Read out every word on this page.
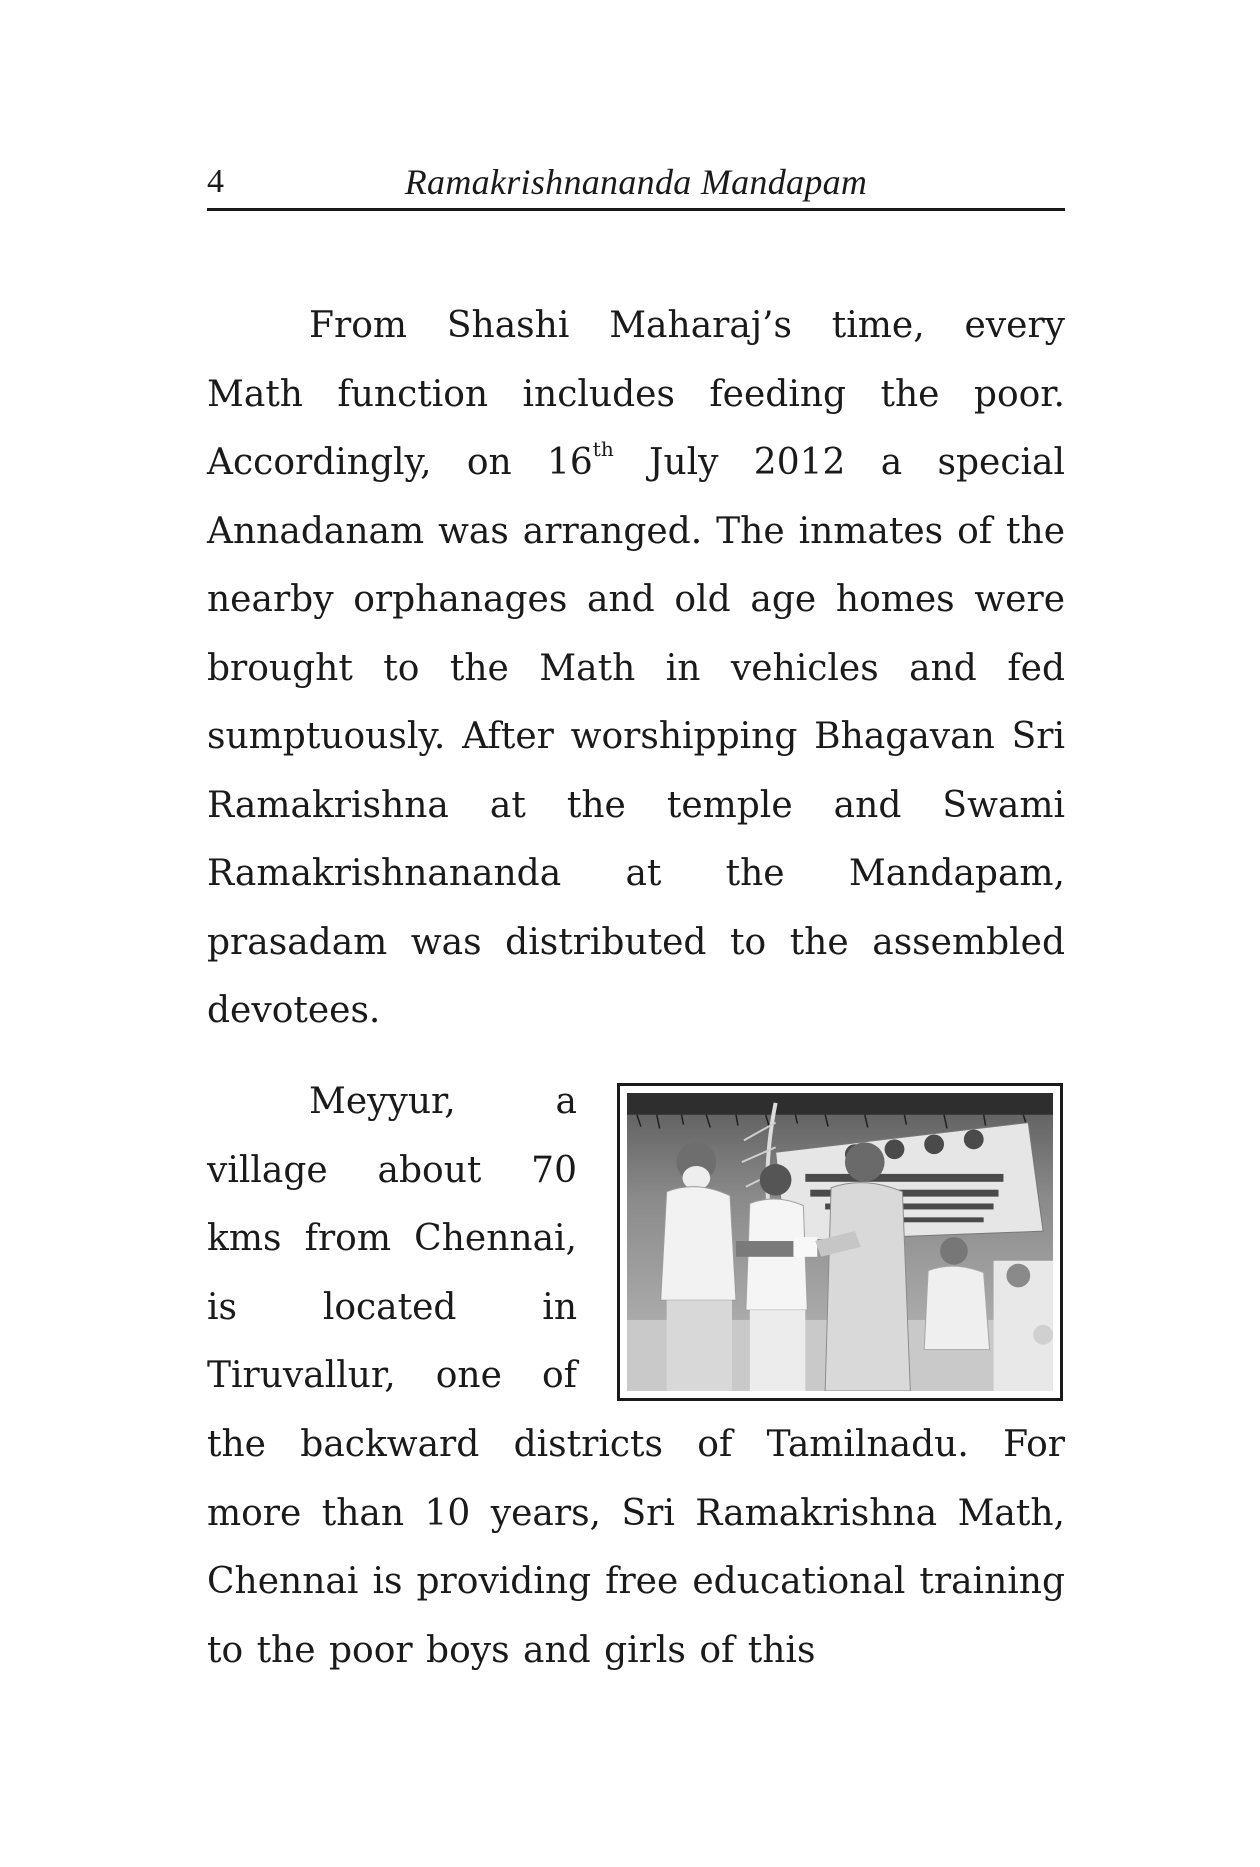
4	Ramakrishnananda Mandapam

From Shashi Maharaj’s time, every Math function includes feeding the poor. Accordingly, on 16th July 2012 a special Annadanam was arranged. The inmates of the nearby orphanages and old age homes were brought to the Math in vehicles and fed sumptuously. After worshipping Bhagavan Sri Ramakrishna at the temple and Swami Ramakrishnananda at the Mandapam, prasadam was distributed to the assembled devotees.

Meyyur, a
village about 70
kms from Chennai,
is located in
Tiruvallur, one of

the backward districts of Tamilnadu. For more than 10 years, Sri Ramakrishna Math, Chennai is providing free educational training to the poor boys and girls of this
